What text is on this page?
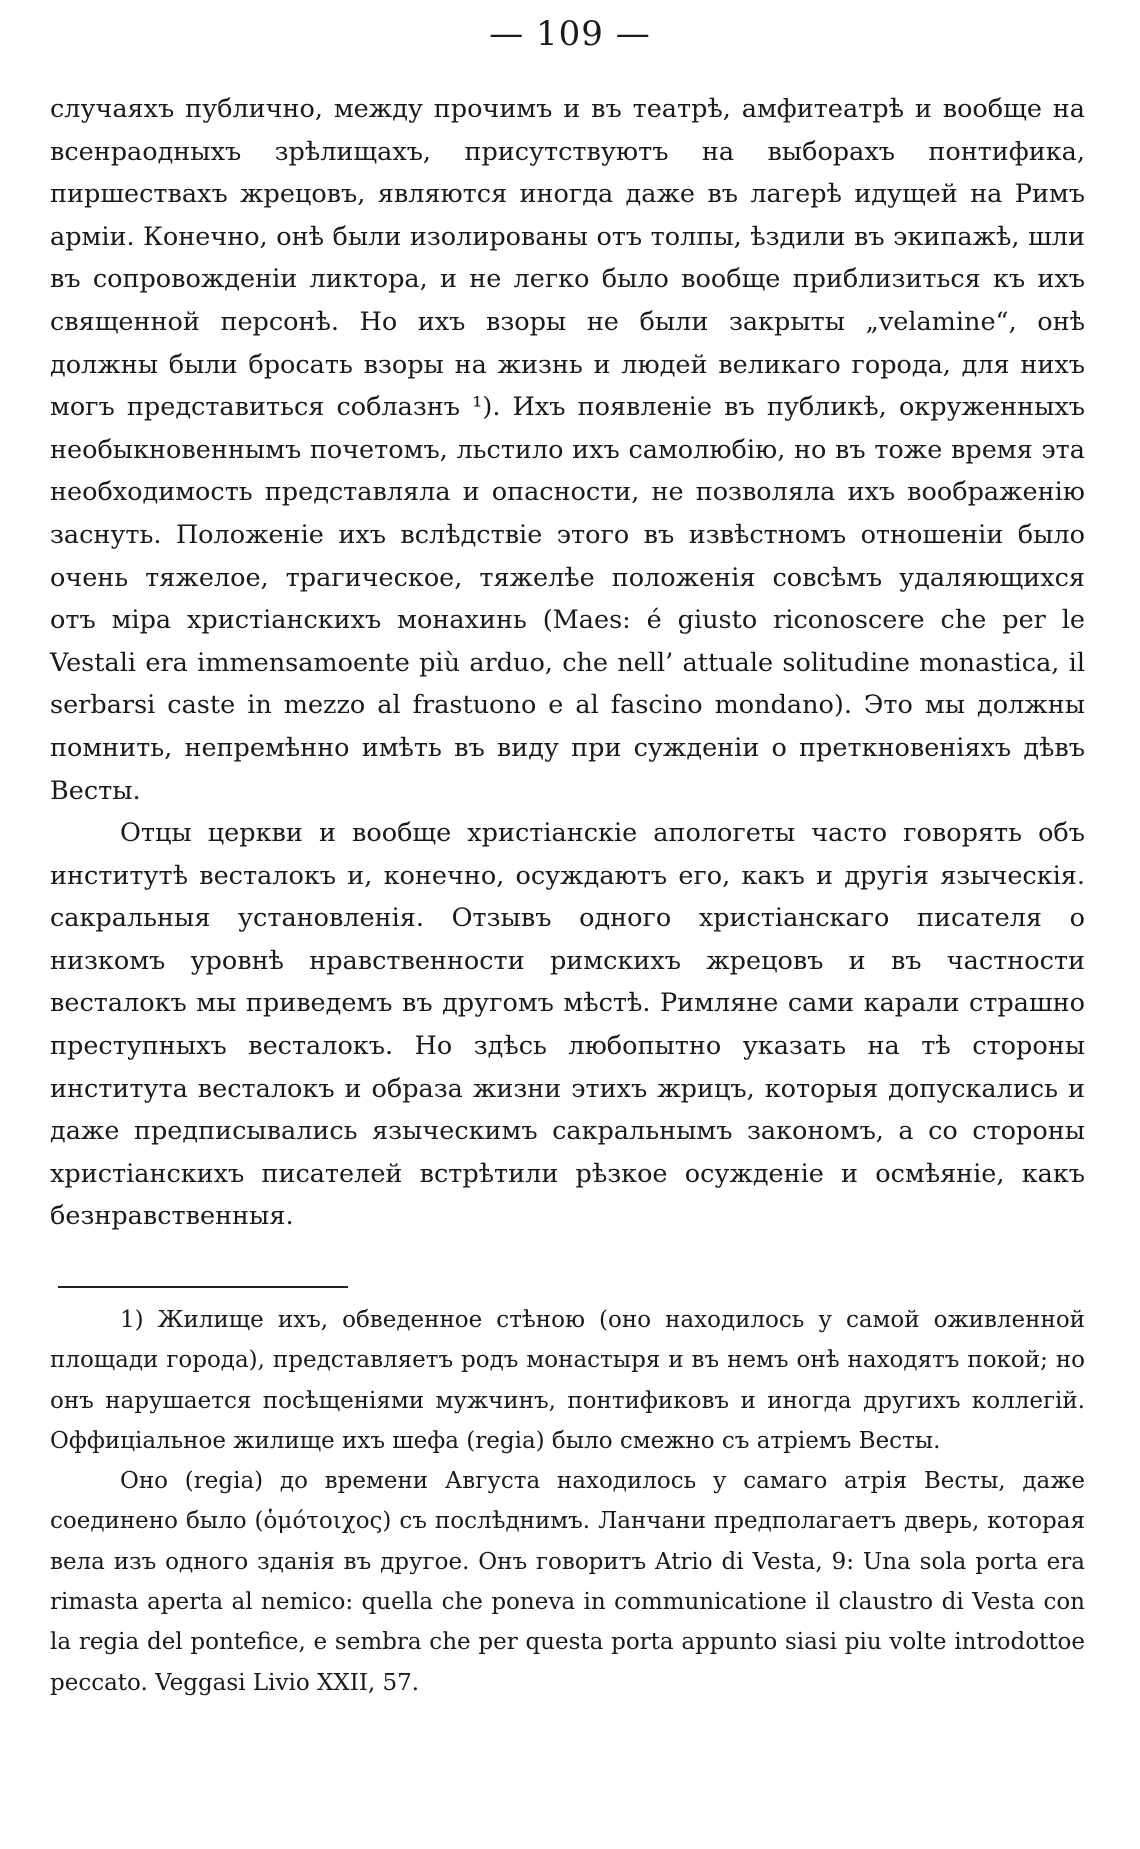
— 109 —

случаяхъ публично, между прочимъ и въ театрѣ, амфитеатрѣ и вообще на всенраодныхъ зрѣлищахъ, присутствуютъ на выборахъ понтифика, пиршествахъ жрецовъ, являются иногда даже въ лагерѣ идущей на Римъ арміи. Конечно, онѣ были изолированы отъ толпы, ѣздили въ экипажѣ, шли въ сопровожденіи ликтора, и не легко было вообще приблизиться къ ихъ священной персонѣ. Но ихъ взоры не были закрыты „velamine“, онѣ должны были бросать взоры на жизнь и людей великаго города, для нихъ могъ представиться соблазнъ ¹). Ихъ появленіе въ публикѣ, окруженныхъ необыкновеннымъ почетомъ, льстило ихъ самолюбію, но въ тоже время эта необходимость представляла и опасности, не позволяла ихъ воображенію заснуть. Положеніе ихъ вслѣдствіе этого въ извѣстномъ отношеніи было очень тяжелое, трагическое, тяжелѣе положенія совсѣмъ удаляющихся отъ міра христіанскихъ монахинь (Maes: é giusto riconoscere che per le Vestali era immensamoente più arduo, che nell’ attuale solitudine monastica, il serbarsi caste in mezzo al frastuono e al fascino mondano). Это мы должны помнить, непремѣнно имѣть въ виду при сужденіи о преткновеніяхъ дѣвъ Весты.

Отцы церкви и вообще христіанскіе апологеты часто говорять объ институтѣ весталокъ и, конечно, осуждаютъ его, какъ и другія языческія. сакральныя установленія. Отзывъ одного христіанскаго писателя о низкомъ уровнѣ нравственности римскихъ жрецовъ и въ частности весталокъ мы приведемъ въ другомъ мѣстѣ. Римляне сами карали страшно преступныхъ весталокъ. Но здѣсь любопытно указать на тѣ стороны института весталокъ и образа жизни этихъ жрицъ, которыя допускались и даже предписывались языческимъ сакральнымъ закономъ, а со стороны христіанскихъ писателей встрѣтили рѣзкое осужденіе и осмѣяніе, какъ безнравственныя.

1) Жилище ихъ, обведенное стѣною (оно находилось у самой оживленной площади города), представляетъ родъ монастыря и въ немъ онѣ находятъ покой; но онъ нарушается посѣщеніями мужчинъ, понтификовъ и иногда другихъ коллегій. Оффиціальное жилище ихъ шефа (regia) было смежно съ атріемъ Весты.

Оно (regia) до времени Августа находилось у самаго атрія Весты, даже соединено было (ὁμότοιχος) съ послѣднимъ. Ланчани предполагаетъ дверь, которая вела изъ одного зданія въ другое. Онъ говоритъ Atrio di Vesta, 9: Una sola porta era rimasta aperta al nemico: quella che poneva in communicatione il claustro di Vesta con la regia del pontefice, e sembra che per questa porta appunto siasi piu volte introdottoe peccato. Veggasi Livio XXII, 57.
